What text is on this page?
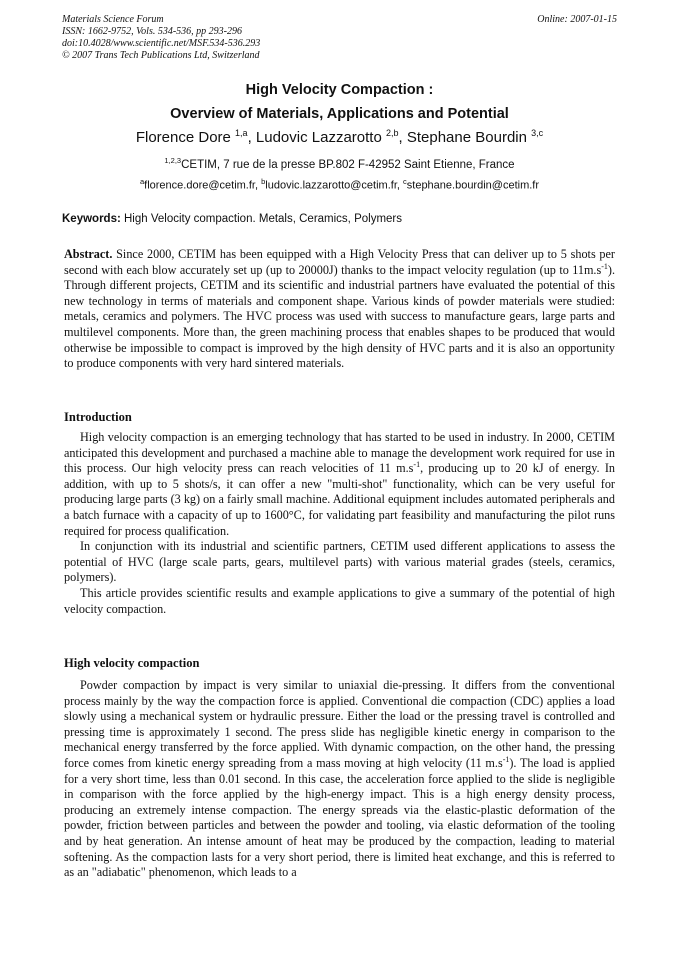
Materials Science Forum
ISSN: 1662-9752, Vols. 534-536, pp 293-296
doi:10.4028/www.scientific.net/MSF.534-536.293
© 2007 Trans Tech Publications Ltd, Switzerland
Online: 2007-01-15
High Velocity Compaction :
Overview of Materials, Applications and Potential
Florence Dore $^{1,a}$, Ludovic Lazzarotto $^{2,b}$, Stephane Bourdin $^{3,c}$
$^{1,2,3}$CETIM, 7 rue de la presse BP.802 F-42952 Saint Etienne, France
$^a$florence.dore@cetim.fr, $^b$ludovic.lazzarotto@cetim.fr, $^c$stephane.bourdin@cetim.fr
Keywords: High Velocity compaction. Metals, Ceramics, Polymers

Abstract. Since 2000, CETIM has been equipped with a High Velocity Press that can deliver up to 5 shots per second with each blow accurately set up (up to 20000J) thanks to the impact velocity regulation (up to $11m.s^{-1}$). Through different projects, CETIM and its scientific and industrial partners have evaluated the potential of this new technology in terms of materials and component shape. Various kinds of powder materials were studied: metals, ceramics and polymers. The HVC process was used with success to manufacture gears, large parts and multilevel components. More than, the green machining process that enables shapes to be produced that would otherwise be impossible to compact is improved by the high density of HVC parts and it is also an opportunity to produce components with very hard sintered materials.

Introduction

High velocity compaction is an emerging technology that has started to be used in industry. In 2000, CETIM anticipated this development and purchased a machine able to manage the development work required for use in this process. Our high velocity press can reach velocities of 11 $m.s^{-1}$, producing up to 20 kJ of energy. In addition, with up to 5 shots/s, it can offer a new "multi-shot" functionality, which can be very useful for producing large parts (3 kg) on a fairly small machine. Additional equipment includes automated peripherals and a batch furnace with a capacity of up to 1600°C, for validating part feasibility and manufacturing the pilot runs required for process qualification.

In conjunction with its industrial and scientific partners, CETIM used different applications to assess the potential of HVC (large scale parts, gears, multilevel parts) with various material grades (steels, ceramics, polymers).

This article provides scientific results and example applications to give a summary of the potential of high velocity compaction.

High velocity compaction

Powder compaction by impact is very similar to uniaxial die-pressing. It differs from the conventional process mainly by the way the compaction force is applied. Conventional die compaction (CDC) applies a load slowly using a mechanical system or hydraulic pressure. Either the load or the pressing travel is controlled and pressing time is approximately 1 second. The press slide has negligible kinetic energy in comparison to the mechanical energy transferred by the force applied. With dynamic compaction, on the other hand, the pressing force comes from kinetic energy spreading from a mass moving at high velocity (11 $m.s^{-1}$). The load is applied for a very short time, less than 0.01 second. In this case, the acceleration force applied to the slide is negligible in comparison with the force applied by the high-energy impact. This is a high energy density process, producing an extremely intense compaction. The energy spreads via the elastic-plastic deformation of the powder, friction between particles and between the powder and tooling, via elastic deformation of the tooling and by heat generation. An intense amount of heat may be produced by the compaction, leading to material softening. As the compaction lasts for a very short period, there is limited heat exchange, and this is referred to as an "adiabatic" phenomenon, which leads to a
